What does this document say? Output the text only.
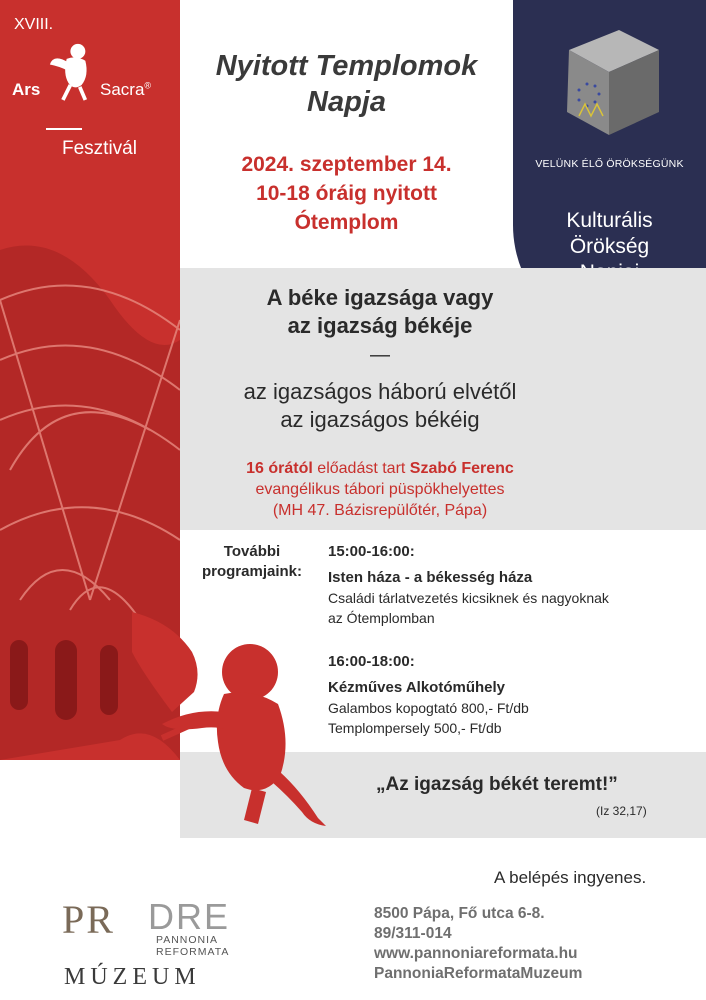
XVIII.
Ars	Sacra®
Fesztivál
VELÜNK ÉLŐ ÖRÖKSÉGÜNK
Kulturális
Örökség
Nyitott Templomok
Napja
2024. szeptember 14.
10-18 óráig nyitott
Ótemplom
A béke igazsága vagy
az igazság békéje
—
az igazságos háború elvétől
az igazságos békéig
16 órától előadást tart Szabó Ferenc
evangélikus tábori püspökhelyettes
(MH 47. Bázisrepülőtér, Pápa)
További
programjaink:
15:00-16:00:
Isten háza - a békesség háza
Családi tárlatvezetés kicsiknek és nagyoknak
az Ótemplomban
16:00-18:00:
Kézműves Alkotóműhely
Galambos kopogtató 800,- Ft/db
Templompersely 500,- Ft/db
„Az igazság békét teremt!”
(Iz 32,17)
A belépés ingyenes.
8500 Pápa, Fő utca 6-8.
89/311-014
www.pannoniareformata.hu
PannoniaReformataMuzeum
PR DRE
PANNONIA
REFORMATA
MÚZEUM
